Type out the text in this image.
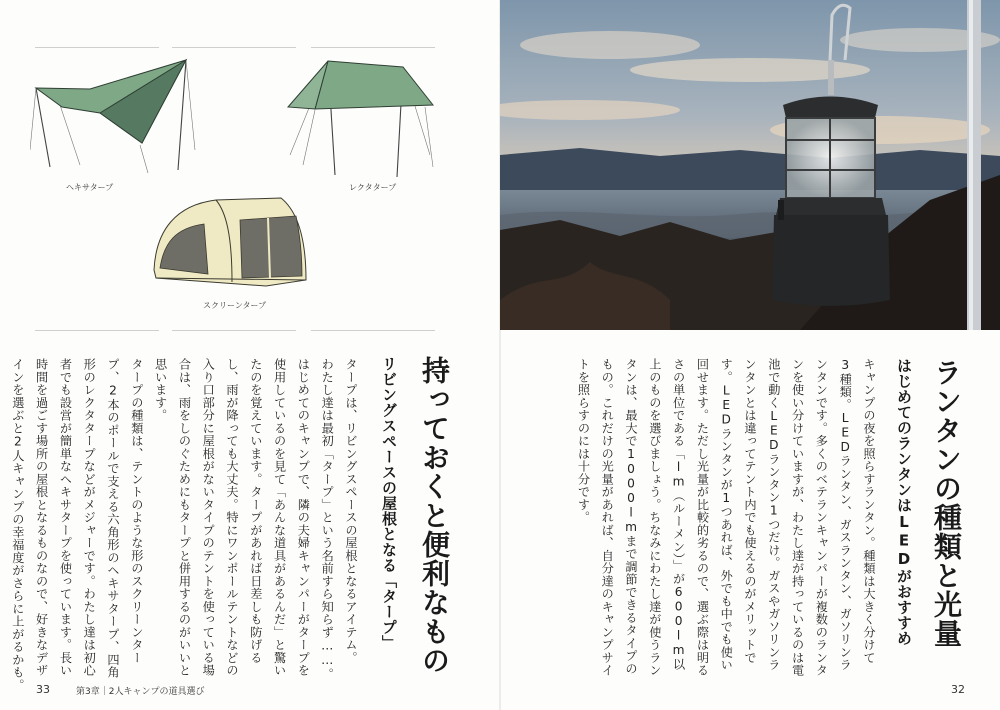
ヘキサタープ	レクタタープ
スクリーンタープ
持っておくと便利なもの
リビングスペースの屋根となる「タープ」
タープは、リビングスペースの屋根となるアイテム。
わたし達は最初「タープ」という名前すら知らず……。
はじめてのキャンプで、隣の夫婦キャンパーがタープを
使用しているのを見て「あんな道具があるんだ」と驚い
たのを覚えています。タープがあれば日差しも防げる
し、雨が降っても大丈夫。特にワンポールテントなどの
入り口部分に屋根がないタイプのテントを使っている場
合は、雨をしのぐためにもタープと併用するのがいいと
思います。
タープの種類は、テントのような形のスクリーンター
プ、2本のポールで支える六角形のヘキサタープ、四角
形のレクタタープなどがメジャーです。わたし達は初心
者でも設営が簡単なヘキサタープを使っています。長い
時間を過ごす場所の屋根となるものなので、好きなデザ
インを選ぶと2人キャンプの幸福度がさらに上がるかも。 33	第3章｜2人キャンプの道具選び
ランタンの種類と光量
はじめてのランタンはLEDがおすすめ
キャンプの夜を照らすランタン。種類は大きく分けて
3種類。LEDランタン、ガスランタン、ガソリンラ
ンタンです。多くのベテランキャンパーが複数のランタ
ンを使い分けていますが、わたし達が持っているのは電
池で動くLEDランタン1つだけ。ガスやガソリンラ
ンタンとは違ってテント内でも使えるのがメリットで
す。LEDランタンが1つあれば、外でも中でも使い
回せます。ただし光量が比較的劣るので、選ぶ際は明る
さの単位である「lm（ルーメン）」が600lm以
上のものを選びましょう。ちなみにわたし達が使うラン
タンは、最大で1000lmまで調節できるタイプの
もの。これだけの光量があれば、自分達のキャンプサイ
トを照らすのには十分です。
32
